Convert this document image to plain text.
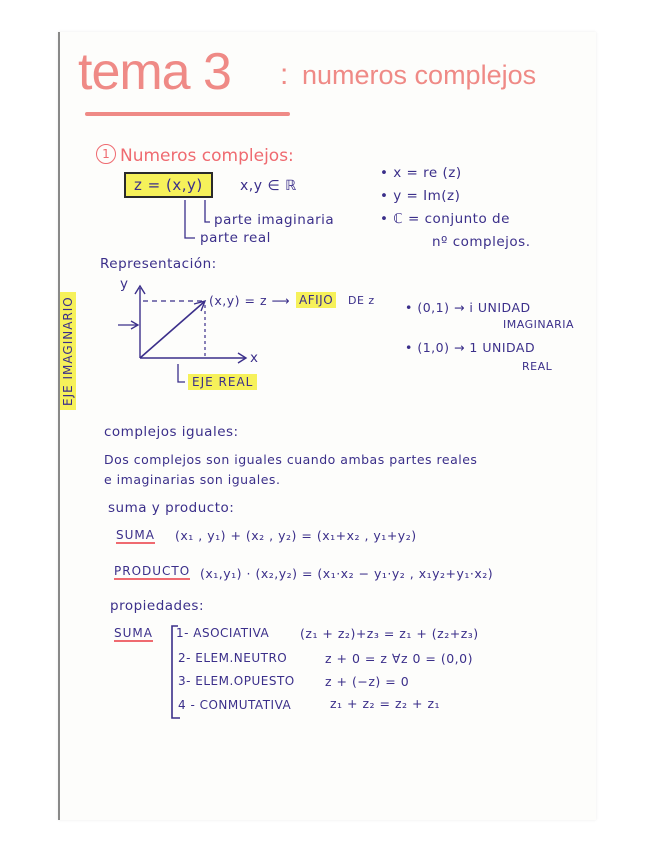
tema 3 : numeros complejos
1 Numeros complejos:
z = (x,y)	x,y ∈ ℝ
parte imaginaria
parte real
• x = re (z)
• y = Im(z)
• ℂ = conjunto de
nº complejos.
Representación:
y
x
(x,y) = z ⟶ AFIJO DE z
EJE IMAGINARIO	EJE REAL
• (0,1) → i UNIDAD
IMAGINARIA
• (1,0) → 1 UNIDAD
REAL
complejos iguales:
Dos complejos son iguales cuando ambas partes reales
e imaginarias son iguales.
suma y producto:
SUMA (x₁ , y₁) + (x₂ , y₂) = (x₁+x₂ , y₁+y₂)
PRODUCTO (x₁,y₁) · (x₂,y₂) = (x₁·x₂ − y₁·y₂ , x₁y₂+y₁·x₂)
propiedades:
SUMA 1- ASOCIATIVA (z₁ + z₂)+z₃ = z₁ + (z₂+z₃)
2- ELEM.NEUTRO	z + 0 = z ∀z 0 = (0,0)
3- ELEM.OPUESTO z + (−z) = 0
4 - CONMUTATIVA	z₁ + z₂ = z₂ + z₁
